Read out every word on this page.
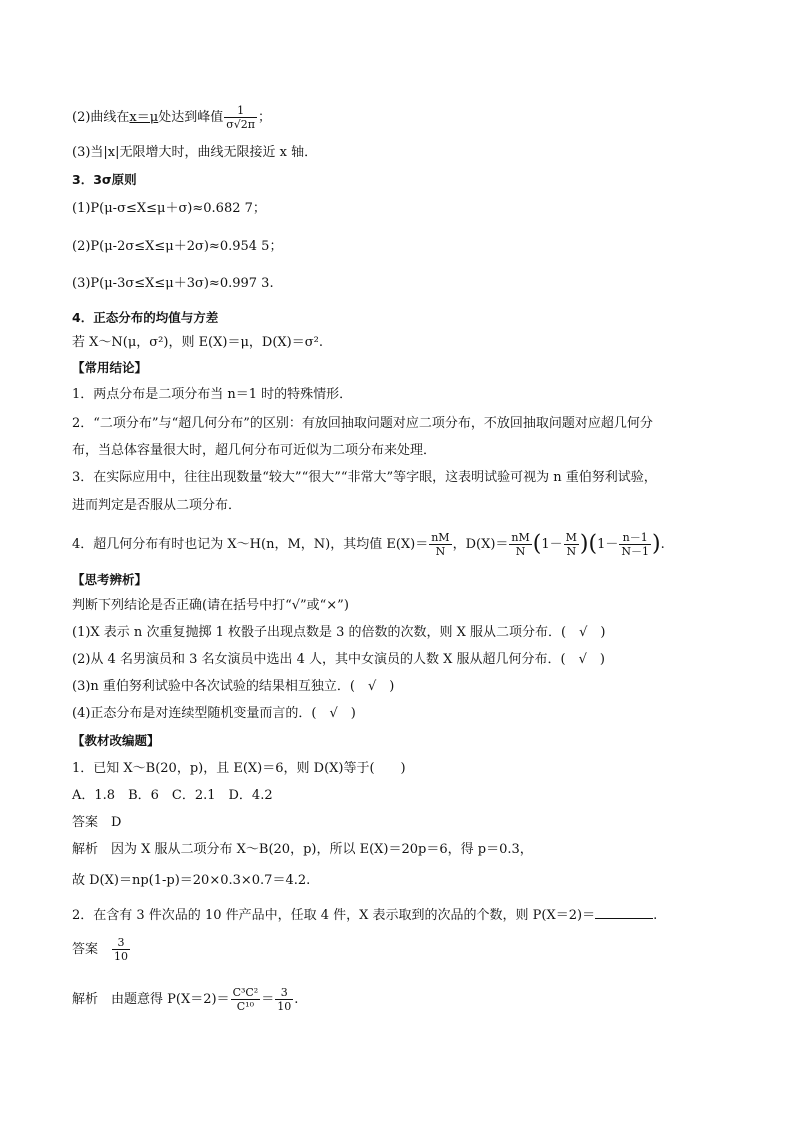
(2)曲线在x＝μ处达到峰值 $\frac{1}{\sigma√2\pi}$ ；
(3)当|x|无限增大时，曲线无限接近 x 轴．
3．3σ原则
(1)P(μ-σ≤X≤μ＋σ)≈0.682 7；
(2)P(μ-2σ≤X≤μ＋2σ)≈0.954 5；
(3)P(μ-3σ≤X≤μ＋3σ)≈0.997 3.
4．正态分布的均值与方差
若 X～N(μ，σ²)，则 E(X)＝μ，D(X)＝σ².
【常用结论】
1．两点分布是二项分布当 n＝1 时的特殊情形．
2．“二项分布”与“超几何分布”的区别：有放回抽取问题对应二项分布，不放回抽取问题对应超几何分
布，当总体容量很大时，超几何分布可近似为二项分布来处理．
3．在实际应用中，往往出现数量“较大”“很大”“非常大”等字眼，这表明试验可视为 n 重伯努利试验，
进而判定是否服从二项分布．
4．超几何分布有时也记为 X～H(n，M，N)，其均值 $E(X)= \frac{nM}{N}$ ，$D(X)= \frac{nM}{N} (1- \frac{M}{N} )(1- \frac{n-1}{N-1}$ ).
【思考辨析】
判断下列结论是否正确(请在括号中打“√”或“×”)
(1)X 表示 n 次重复抛掷 1 枚骰子出现点数是 3 的倍数的次数，则 X 服从二项分布．(　√　)
(2)从 4 名男演员和 3 名女演员中选出 4 人，其中女演员的人数 X 服从超几何分布．(　√　)
(3)n 重伯努利试验中各次试验的结果相互独立．(　√　)
(4)正态分布是对连续型随机变量而言的．(　√　)
【教材改编题】
1．已知 X～B(20，p)，且 E(X)＝6，则 D(X)等于(　　)
A．1.8　B．6　C．2.1　D．4.2
答案　D
解析　因为 X 服从二项分布 X～B(20，p)，所以 E(X)＝20p＝6，得 p＝0.3，
故 D(X)＝np(1-p)＝20×0.3×0.7＝4.2.
2．在含有 3 件次品的 10 件产品中，任取 4 件，X 表示取到的次品的个数，则 P(X＝2)＝	.
答案　 $\frac{3}{10}$
解析　由题意得 $P(X=2)= \frac{\text{C³C²}}{\text{C¹⁰}} = \frac{3}{10}$ .
